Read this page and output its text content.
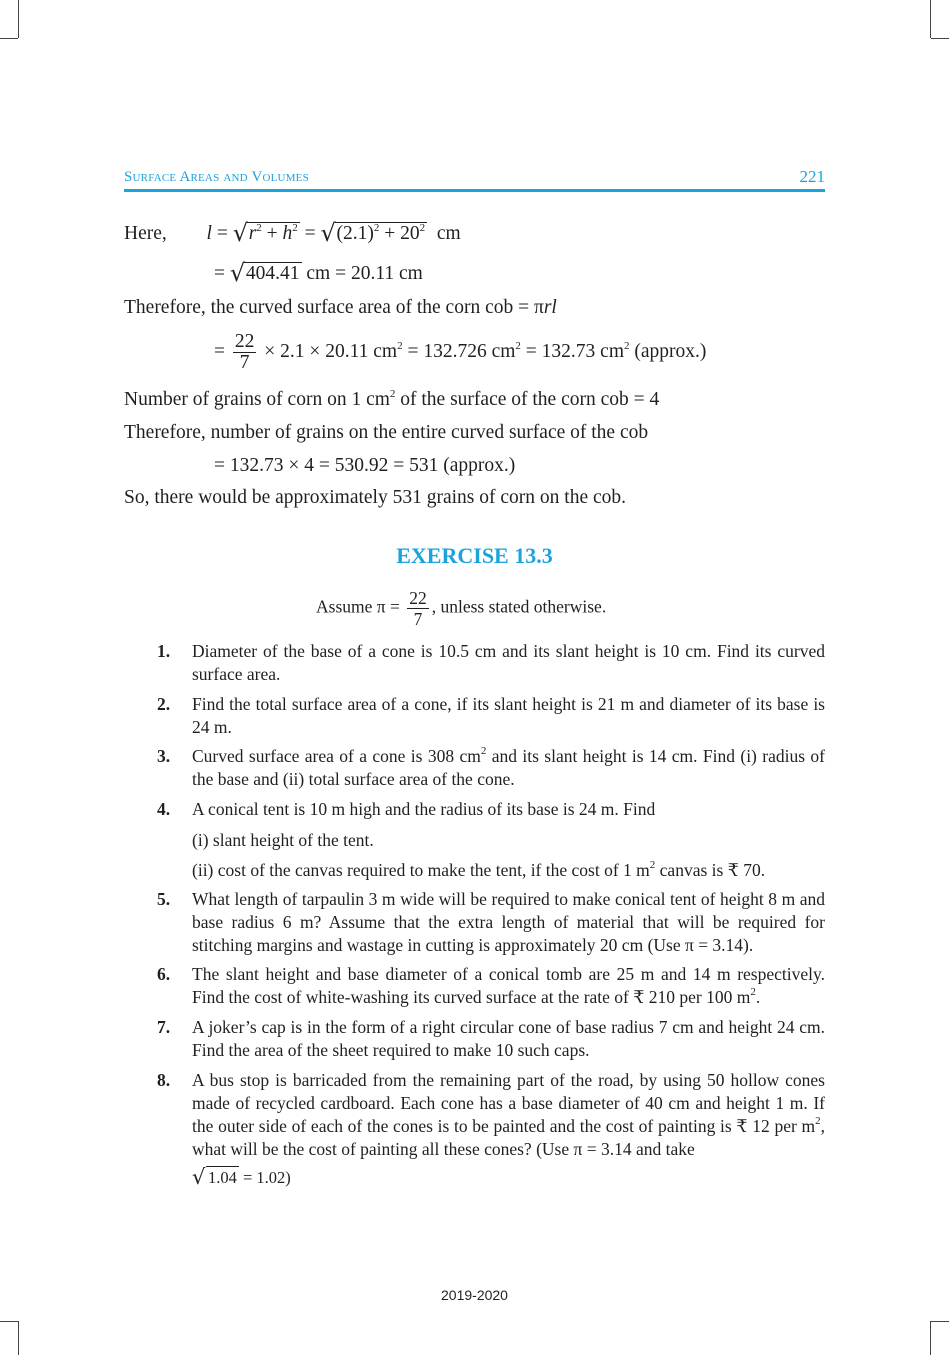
Surface Areas and Volumes	221
Here, l = √ $r^2 + h^2$ = √ $(2.1)^2 + 20^2$ cm
= √ 404.41 cm = 20.11 cm
Therefore, the curved surface area of the corn cob = πrl
= $\frac{22}{7} \times 2.1 \times 20.11$ $cm^2 = 132.726$ $cm^2 = 132.73$ $cm^2$ (approx.)
Number of grains of corn on 1 $cm^2$ of the surface of the corn cob = 4
Therefore, number of grains on the entire curved surface of the cob
= 132.73 × 4 = 530.92 = 531 (approx.)
So, there would be approximately 531 grains of corn on the cob.
EXERCISE 13.3
Assume $\pi = \frac{22}{7}$ , unless stated otherwise.
1. Diameter of the base of a cone is 10.5 cm and its slant height is 10 cm. Find its curved surface area.
2. Find the total surface area of a cone, if its slant height is 21 m and diameter of its base is 24 m.
3. Curved surface area of a cone is 308 $cm^2$ and its slant height is 14 cm. Find (i) radius of the base and (ii) total surface area of the cone.
4. A conical tent is 10 m high and the radius of its base is 24 m. Find
(i) slant height of the tent.
(ii) cost of the canvas required to make the tent, if the cost of 1 $m^2$ canvas is ₹ 70.
5. What length of tarpaulin 3 m wide will be required to make conical tent of height 8 m and base radius 6 m? Assume that the extra length of material that will be required for stitching margins and wastage in cutting is approximately 20 cm (Use π = 3.14).
6. The slant height and base diameter of a conical tomb are 25 m and 14 m respectively. Find the cost of white-washing its curved surface at the rate of ₹ 210 per 100 $m^2$.
7. A joker’s cap is in the form of a right circular cone of base radius 7 cm and height 24 cm. Find the area of the sheet required to make 10 such caps.
8. A bus stop is barricaded from the remaining part of the road, by using 50 hollow cones made of recycled cardboard. Each cone has a base diameter of 40 cm and height 1 m. If the outer side of each of the cones is to be painted and the cost of painting is ₹ 12 per $m^2$, what will be the cost of painting all these cones? (Use π = 3.14 and take
√ 1.04 = 1.02)
2019-2020
